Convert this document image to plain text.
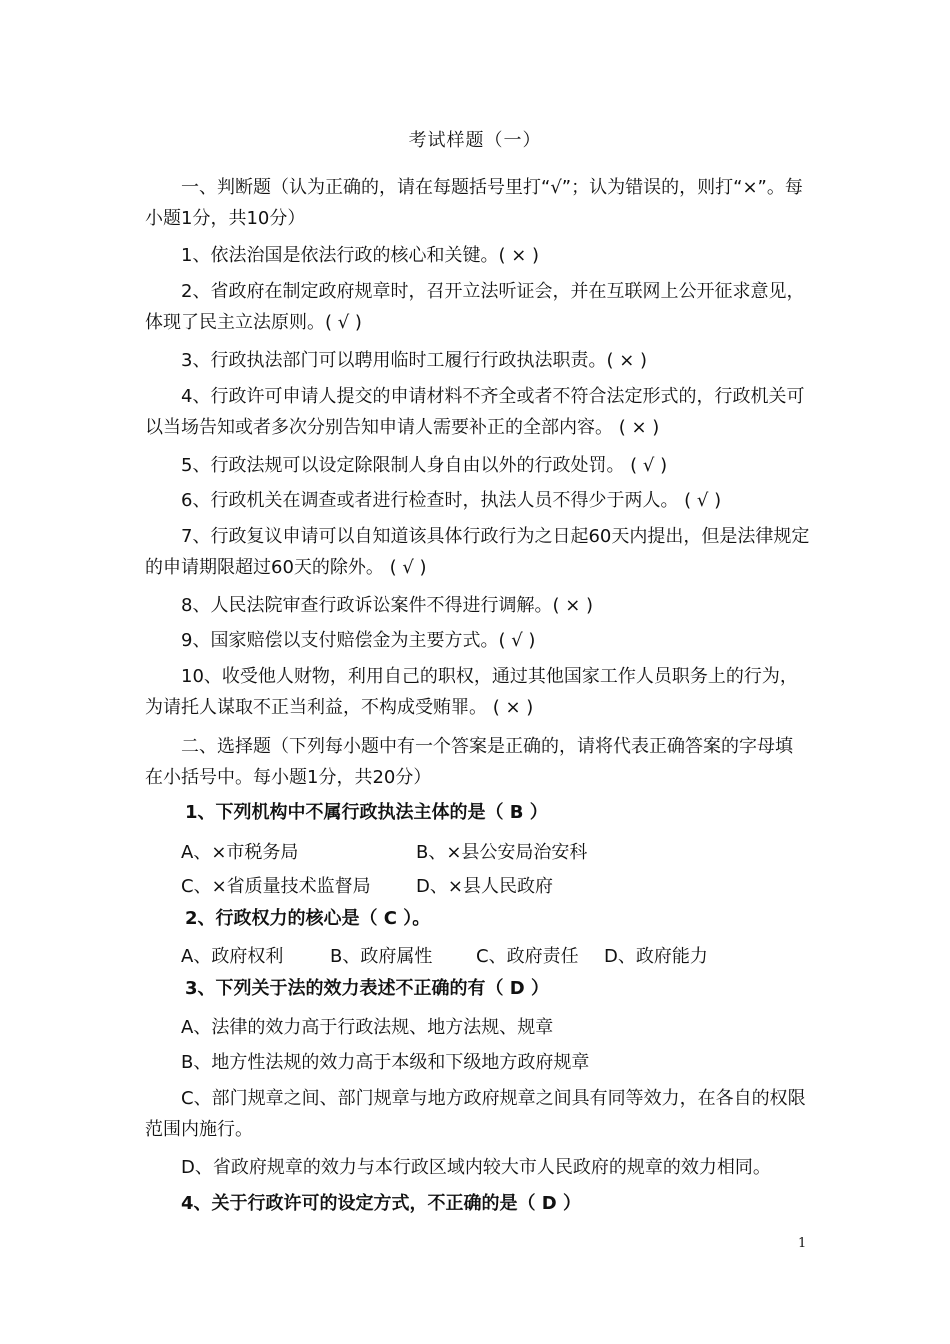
考试样题（一）
一、判断题（认为正确的，请在每题括号里打“√”；认为错误的，则打“×”。每小题1分，共10分）
1、依法治国是依法行政的核心和关键。( × )
2、省政府在制定政府规章时，召开立法听证会，并在互联网上公开征求意见，体现了民主立法原则。( √ )
3、行政执法部门可以聘用临时工履行行政执法职责。( × )
4、行政许可申请人提交的申请材料不齐全或者不符合法定形式的，行政机关可以当场告知或者多次分别告知申请人需要补正的全部内容。 ( × )
5、行政法规可以设定除限制人身自由以外的行政处罚。 ( √ )
6、行政机关在调查或者进行检查时，执法人员不得少于两人。 ( √ )
7、行政复议申请可以自知道该具体行政行为之日起60天内提出，但是法律规定的申请期限超过60天的除外。 ( √ )
8、人民法院审查行政诉讼案件不得进行调解。( × )
9、国家赔偿以支付赔偿金为主要方式。( √ )
10、收受他人财物，利用自己的职权，通过其他国家工作人员职务上的行为，为请托人谋取不正当利益，不构成受贿罪。 ( × )
二、选择题（下列每小题中有一个答案是正确的，请将代表正确答案的字母填在小括号中。每小题1分，共20分）
1、下列机构中不属行政执法主体的是（ B ）
A、×市税务局	B、×县公安局治安科
C、×省质量技术监督局	D、×县人民政府
2、行政权力的核心是（ C ）。
A、政府权利	B、政府属性 C、政府责任 D、政府能力
3、下列关于法的效力表述不正确的有（ D ）
A、法律的效力高于行政法规、地方法规、规章
B、地方性法规的效力高于本级和下级地方政府规章
C、部门规章之间、部门规章与地方政府规章之间具有同等效力，在各自的权限范围内施行。
D、省政府规章的效力与本行政区域内较大市人民政府的规章的效力相同。
4、关于行政许可的设定方式，不正确的是（ D ）
1
